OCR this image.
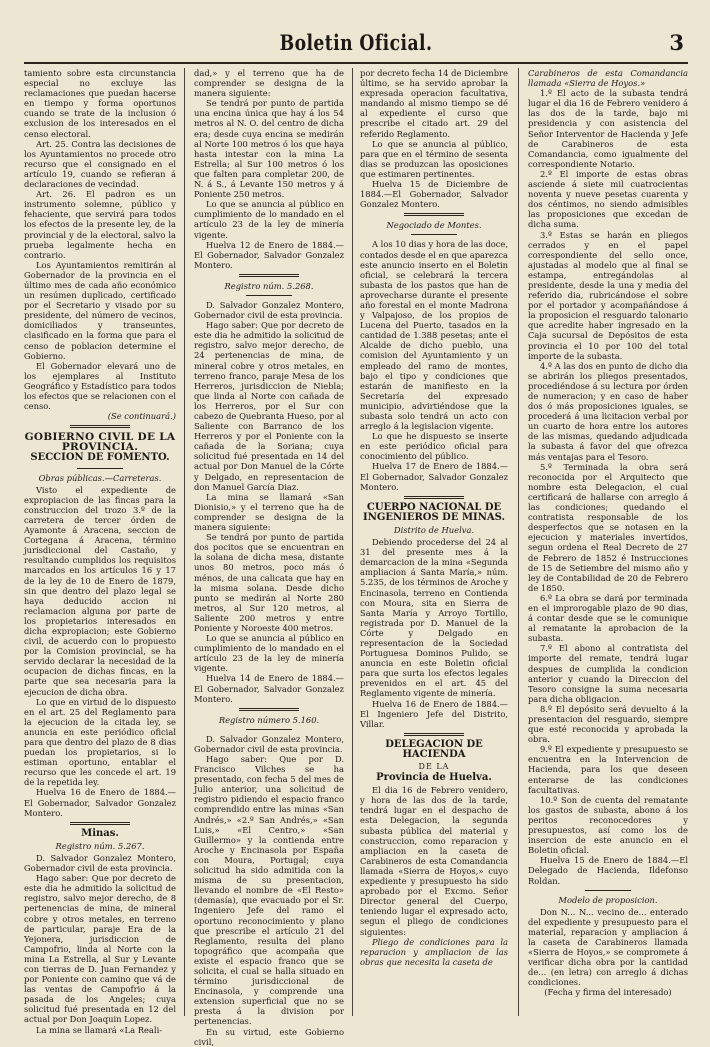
Boletin Oficial.	3

tamiento sobre esta circunstancia especial no excluye las reclamaciones que puedan hacerse en tiempo y forma oportunos cuando se trate de la inclusion ó exclusion de los interesados en el censo electoral.

Art. 25. Contra las decisiones de los Ayuntamientos no procede otro recurso que el consignado en el artículo 19, cuando se refieran á declaraciones de vecindad.

Art. 26. El padron es un instrumento solemne, público y fehaciente, que servirá para todos los efectos de la presente ley, de la provincial y de la electoral, salvo la prueba legalmente hecha en contrario.

Los Ayuntamientos remitirán al Gobernador de la provincia en el último mes de cada año económico un resúmen duplicado, certificado por el Secretario y visado por su presidente, del número de vecinos, domiciliados y transeuntes, clasificado en la forma que para el censo de poblacion determine el Gobierno.

El Gobernador elevará uno de los ejemplares al Instituto Geográfico y Estadístico para todos los efectos que se relacionen con el censo.

(Se continuará.)

GOBIERNO CIVIL DE LA PROVINCIA.
SECCION DE FOMENTO.
Obras públicas.—Carreteras.

Visto el expediente de expropiacion de las fincas para la construccion del trozo 3.º de la carretera de tercer órden de Ayamonte á Aracena, seccion de Cortegana á Aracena, término jurisdiccional del Castaño, y resultando cumplidos los requisitos marcados en los artículos 16 y 17 de la ley de 10 de Enero de 1879, sin que dentro del plazo legal se haya deducido accion ni reclamacion alguna por parte de los propietarios interesados en dicha expropiacion; este Gobierno civil, de acuerdo con lo propuesto por la Comision provincial, se ha servido declarar la necesidad de la ocupacion de dichas fincas, en la parte que sea necesaria para la ejecucion de dicha obra.

Lo que en virtud de lo dispuesto en el art. 25 del Reglamento para la ejecucion de la citada ley, se anuncia en este periódico oficial para que dentro del plazo de 8 dias puedan los propietarios, si lo estiman oportuno, entablar el recurso que les concede el art. 19 de la repetida ley.

Huelva 16 de Enero de 1884.—El Gobernador, Salvador Gonzalez Montero.

Minas.
Registro núm. 5.267.

D. Salvador Gonzalez Montero, Gobernador civil de esta provincia.

Hago saber: Que por decreto de este dia he admitido la solicitud de registro, salvo mejor derecho, de 8 pertenencias de mina, de mineral cobre y otros metales, en terreno de particular, paraje Era de la Yejonera, jurisdiccion de Campofrio, linda al Norte con la mina La Estrella, al Sur y Levante con tierras de D. Juan Fernandez y por Poniente con camino que vá de las ventas de Campofrio á la pasada de los Angeles; cuya solicitud fué presentada en 12 del actual por Don Joaquin Lopez.

La mina se llamará «La Reali-

dad,» y el terreno que ha de comprender se designa de la manera siguiente:

Se tendrá por punto de partida una encina única que hay á los 54 metros al N. O. del centro de dicha era; desde cuya encina se medirán al Norte 100 metros ó los que haya hasta intestar con la mina La Estrella; al Sur 100 metros ó los que falten para completar 200, de N. á S., á Levante 150 metros y á Poniente 250 metros.

Lo que se anuncia al público en cumplimiento de lo mandado en el artículo 23 de la ley de minería vigente.

Huelva 12 de Enero de 1884.—El Gobernador, Salvador Gonzalez Montero.

Registro núm. 5.268.

D. Salvador Gonzalez Montero, Gobernador civil de esta provincia.

Hago saber: Que por decreto de este dia he admitido la solicitud de registro, salvo mejor derecho, de 24 pertenencias de mina, de mineral cobre y otros metales, en terreno franco, paraje Mesa de los Herreros, jurisdiccion de Niebla; que linda al Norte con cañada de los Herreros, por el Sur con cabezo de Quebranta Hueso, por al Saliente con Barranco de los Herreros y por el Poniente con la cañada de la Soriana; cuya solicitud fué presentada en 14 del actual por Don Manuel de la Córte y Delgado, en representacion de don Manuel García Diaz.

La mina se llamará «San Dionisio,» y el terreno que ha de comprender se designa de la manera siguiente:

Se tendrá por punto de partida dos pocitos que se encuentran en la solana de dicha mesa, distante unos 80 metros, poco más ó ménos, de una calicata que hay en la misma solana. Desde dicho punto se medirán al Norte 280 metros, al Sur 120 metros, al Saliente 200 metros y entre Poniente y Noroeste 400 metros.

Lo que se anuncia al público en cumplimiento de lo mandado en el artículo 23 de la ley de minería vigente.

Huelva 14 de Enero de 1884.—El Gobernador, Salvador Gonzalez Montero.

Registro número 5.160.

D. Salvador Gonzalez Montero, Gobernador civil de esta provincia.

Hago saber: Que por D. Francisco Vilches se ha presentado, con fecha 5 del mes de Julio anterior, una solicitud de registro pidiendo el espacio franco comprendido entre las minas «San Andrés,» «2.º San Andrés,» «San Luis,» «El Centro,» «San Guillermo» y la contienda entre Aroche y Encinasola por España con Moura, Portugal; cuya solicitud ha sido admitida con la misma de su presentacion, llevando el nombre de «El Resto» (demasía), que evacuado por el Sr. Ingeniero Jefe del ramo el oportuno reconocimiento y plano que prescribe el artículo 21 del Reglamento, resulta del plano topográfico que acompaña que existe el espacio franco que se solicita, el cual se halla situado en término jurisdiccional de Encinasola, y comprende una extension superficial que no se presta á la division por pertenencias.

En su virtud, este Gobierno civil,

por decreto fecha 14 de Diciembre último, se ha servido aprobar la expresada operacion facultativa, mandando al mismo tiempo se dé al expediente el curso que prescribe el citado art. 29 del referido Reglamento.

Lo que se anuncia al público, para que en el término de sesenta dias se produzcan las oposiciones que estimaren pertinentes.

Huelva 15 de Diciembre de 1884.—El Gobernador, Salvador Gonzalez Montero.

Negociado de Montes.

A los 10 dias y hora de las doce, contados desde el en que aparezca este anuncio inserto en el Boletin oficial, se celebrará la tercera subasta de los pastos que han de aprovecharse durante el presente año forestal en el monte Madrona y Valpajoso, de los propios de Lucena del Puerto, tasados en la cantidad de 1.388 pesetas; ante el Alcalde de dicho pueblo, una comision del Ayuntamiento y un empleado del ramo de montes, bajo el tipo y condiciones que estarán de manifiesto en la Secretaría del expresado municipio, advirtiéndose que la subasta solo tendrá un acto con arreglo á la legislacion vigente.

Lo que he dispuesto se inserte en este periódico oficial para conocimiento del público.

Huelva 17 de Enero de 1884.—El Gobernador, Salvador Gonzalez Montero.

CUERPO NACIONAL DE INGENIEROS DE MINAS.
Distrito de Huelva.

Debiendo procederse del 24 al 31 del presente mes á la demarcacion de la mina «Segunda ampliacion á Santa María,» núm. 5.235, de los términos de Aroche y Encinasola, terreno en Contienda con Moura, sita en Sierra de Santa María y Arroyo Tortillo, registrada por D. Manuel de la Córte y Delgado en representacion de la Sociedad Portuguesa Dominos Pulido, se anuncia en este Boletin oficial para que surta los efectos legales prevenidos en el art. 45 del Reglamento vigente de minería.

Huelva 16 de Enero de 1884.—El Ingeniero Jefe del Distrito, Villar.

DELEGACION DE HACIENDA
DE LA
Provincia de Huelva.

El dia 16 de Febrero venidero, y hora de las dos de la tarde, tendrá lugar en el despacho de esta Delegacion, la segunda subasta pública del material y construccion, como reparacion y ampliacion en la caseta de Carabineros de esta Comandancia llamada «Sierra de Hoyos,» cuyo expediente y presupuesto ha sido aprobado por el Excmo. Señor Director general del Cuerpo, teniendo lugar el expresado acto, segun el pliego de condiciones siguientes:

Pliego de condiciones para la reparacion y ampliacion de las obras que necesita la caseta de

Carabineros de esta Comandancia llamada «Sierra de Hoyos.»

1.º El acto de la subasta tendrá lugar el dia 16 de Febrero venidero á las dos de la tarde, bajo mi presidencia y con asistencia del Señor Interventor de Hacienda y Jefe de Carabineros de esta Comandancia, como igualmente del correspondiente Notario.

2.º El importe de estas obras asciende á siete mil cuatrocientas noventa y nueve pesetas cuarenta y dos céntimos, no siendo admisibles las proposiciones que excedan de dicha suma.

3.º Estas se harán en pliegos cerrados y en el papel correspondiente del sello once, ajustadas al modelo que al final se estampa, entregándolas al presidente, desde la una y media del referido dia, rubricándose el sobre por el portador y acompañándose á la proposicion el resguardo talonario que acredite haber ingresado en la Caja sucursal de Depósitos de esta provincia el 10 por 100 del total importe de la subasta.

4.º A las dos en punto de dicho dia se abrirán los pliegos presentados, procediéndose á su lectura por órden de numeracion; y en caso de haber dos ó más proposiciones iguales, se procederá á una licitacion verbal por un cuarto de hora entre los autores de las mismas, quedando adjudicada la subasta á favor del que ofrezca más ventajas para el Tesoro.

5.º Terminada la obra será reconocida por el Arquitecto que nombre esta Delegacion, el cual certificará de hallarse con arreglo á las condiciones; quedando el contratista responsable de los desperfectos que se notasen en la ejecucion y materiales invertidos, segun ordena el Real Decreto de 27 de Febrero de 1852 é Instrucciones de 15 de Setiembre del mismo año y ley de Contabilidad de 20 de Febrero de 1850.

6.º La obra se dará por terminada en el improrogable plazo de 90 dias, á contar desde que se le comunique al rematante la aprobacion de la subasta.

7.º El abono al contratista del importe del remate, tendrá lugar despues de cumplida la condicion anterior y cuando la Direccion del Tesoro consigne la suma necesaria para dicha obligacion.

8.º El depósito será devuelto á la presentacion del resguardo, siempre que esté reconocida y aprobada la obra.

9.º El expediente y presupuesto se encuentra en la Intervencion de Hacienda, para los que deseen enterarse de las condiciones facultativas.

10.º Son de cuenta del rematante los gastos de subasta, abono á los peritos reconocedores y presupuestos, así como los de insercion de este anuncio en el Boletin oficial.

Huelva 15 de Enero de 1884.—El Delegado de Hacienda, Ildefonso Roldan.

Modelo de proposicion.

Don N... N... vecino de... enterado del expediente y presupuesto para el material, reparacion y ampliacion á la caseta de Carabineros llamada «Sierra de Hoyos,» se compromete á verificar dicha obra por la cantidad de... (en letra) con arreglo á dichas condiciones.

(Fecha y firma del interesado)
